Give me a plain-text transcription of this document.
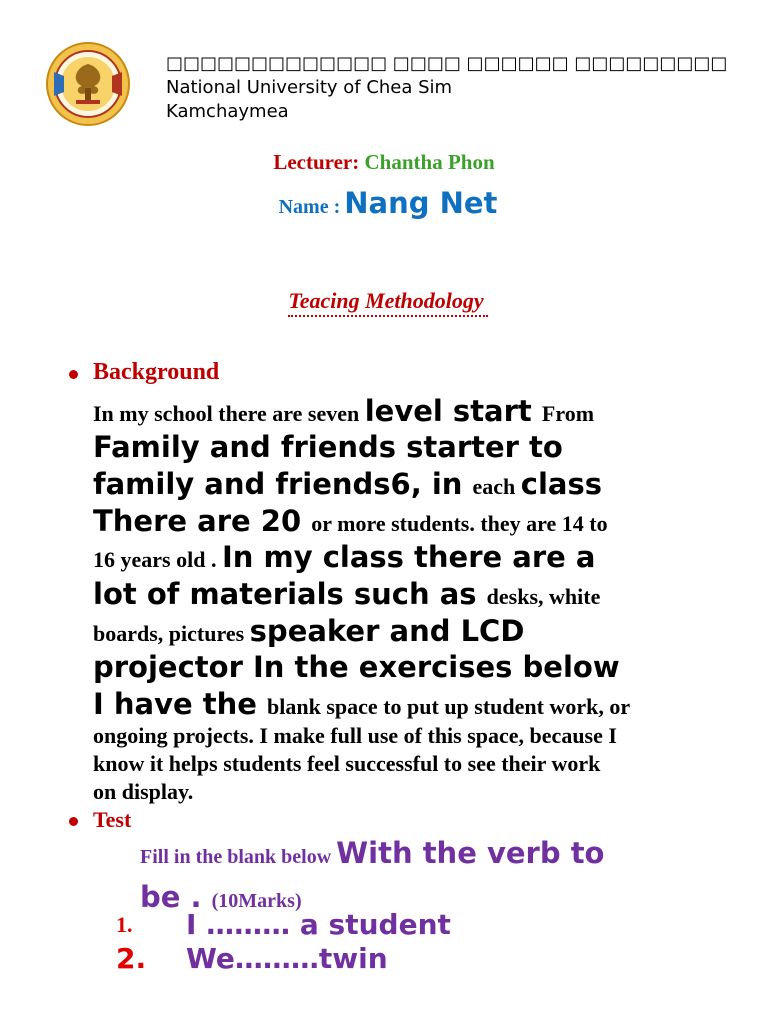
□□□□□□□□□□□□□ □□□□ □□□□□□ □□□□□□□□□
National University of Chea Sim
Kamchaymea
Lecturer: Chantha Phon
Name : Nang Net
Teacing Methodology
Background
In my school there are seven level start From
Family and friends starter to
family and friends6, in each class
There are 20 or more students. they are 14 to
16 years old . In my class there are a
lot of materials such as desks, white
boards, pictures speaker and LCD
projector In the exercises below
I have the blank space to put up student work, or
ongoing projects. I make full use of this space, because I
know it helps students feel successful to see their work
on display.
Test
Fill in the blank below With the verb to
be . (10Marks)
1. I ……… a student
2. We………twin
